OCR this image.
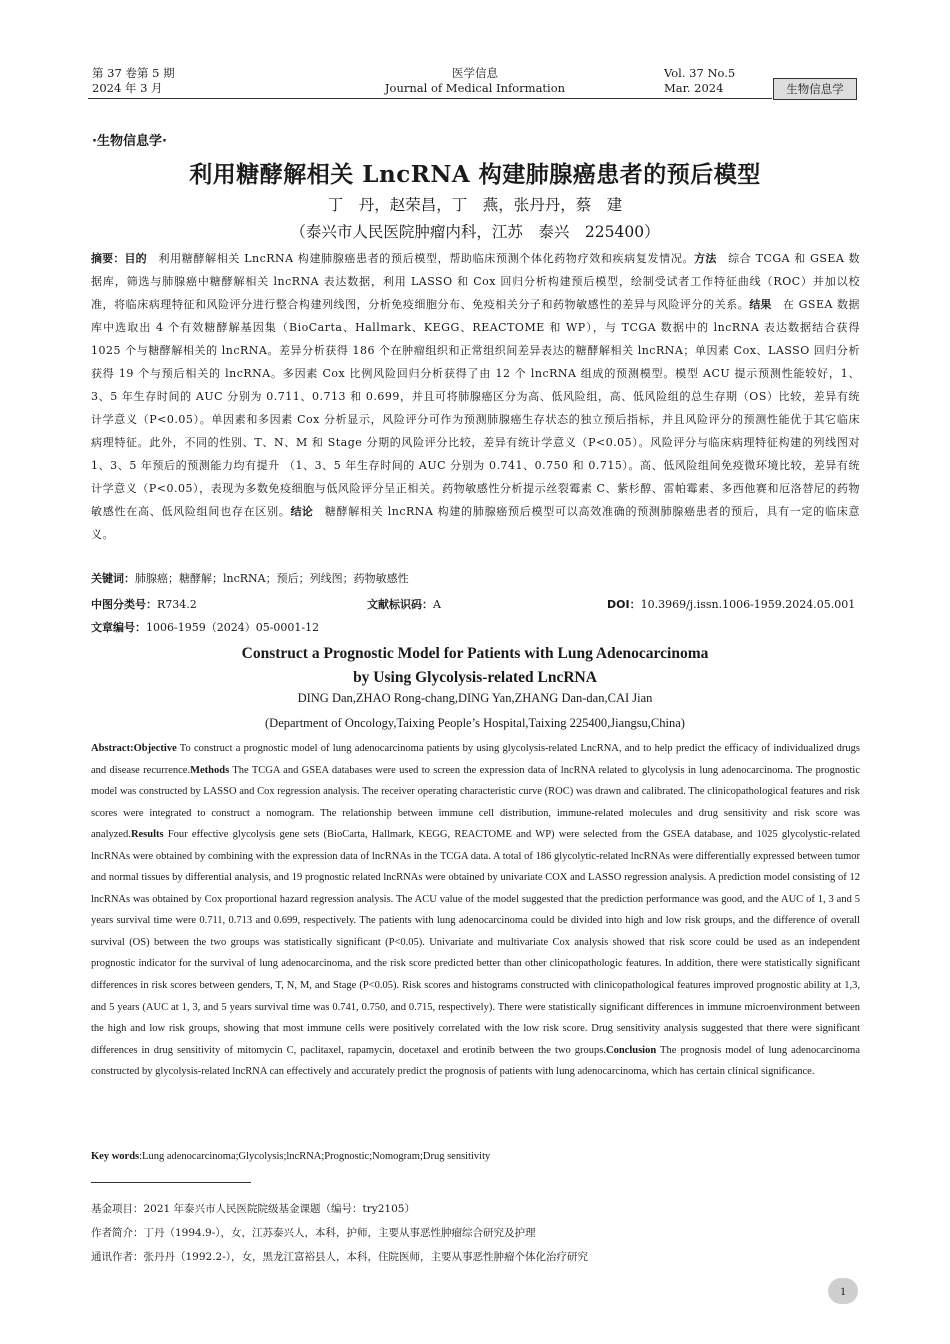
第 37 卷第 5 期
2024 年 3 月
医学信息
Journal of Medical Information
Vol. 37 No.5
Mar. 2024	生物信息学
·生物信息学·
利用糖酵解相关 LncRNA 构建肺腺癌患者的预后模型
丁　丹，赵荣昌，丁　燕，张丹丹，蔡　建
（泰兴市人民医院肿瘤内科，江苏　泰兴　225400）
摘要：目的　利用糖酵解相关 LncRNA 构建肺腺癌患者的预后模型，帮助临床预测个体化药物疗效和疾病复发情况。方法　综合 TCGA 和 GSEA 数据库，筛选与肺腺癌中糖酵解相关 lncRNA 表达数据，利用 LASSO 和 Cox 回归分析构建预后模型，绘制受试者工作特征曲线（ROC）并加以校准，将临床病理特征和风险评分进行整合构建列线图，分析免疫细胞分布、免疫相关分子和药物敏感性的差异与风险评分的关系。结果　在 GSEA 数据库中选取出 4 个有效糖酵解基因集（BioCarta、Hallmark、KEGG、REACTOME 和 WP），与 TCGA 数据中的 lncRNA 表达数据结合获得 1025 个与糖酵解相关的 lncRNA。差异分析获得 186 个在肿瘤组织和正常组织间差异表达的糖酵解相关 lncRNA；单因素 Cox、LASSO 回归分析获得 19 个与预后相关的 lncRNA。多因素 Cox 比例风险回归分析获得了由 12 个 lncRNA 组成的预测模型。模型 ACU 提示预测性能较好，1、3、5 年生存时间的 AUC 分别为 0.711、0.713 和 0.699，并且可将肺腺癌区分为高、低风险组，高、低风险组的总生存期（OS）比较，差异有统计学意义（P<0.05）。单因素和多因素 Cox 分析显示，风险评分可作为预测肺腺癌生存状态的独立预后指标，并且风险评分的预测性能优于其它临床病理特征。此外，不同的性别、T、N、M 和 Stage 分期的风险评分比较，差异有统计学意义（P<0.05）。风险评分与临床病理特征构建的列线图对 1、3、5 年预后的预测能力均有提升 （1、3、5 年生存时间的 AUC 分别为 0.741、0.750 和 0.715）。高、低风险组间免疫微环境比较，差异有统计学意义（P<0.05），表现为多数免疫细胞与低风险评分呈正相关。药物敏感性分析提示丝裂霉素 C、紫杉醇、雷帕霉素、多西他赛和厄洛替尼的药物敏感性在高、低风险组间也存在区别。结论　糖酵解相关 lncRNA 构建的肺腺癌预后模型可以高效准确的预测肺腺癌患者的预后，具有一定的临床意义。
关键词：肺腺癌；糖酵解；lncRNA；预后；列线图；药物敏感性
中图分类号：R734.2	文献标识码：A	DOI：10.3969/j.issn.1006-1959.2024.05.001
文章编号：1006-1959（2024）05-0001-12
Construct a Prognostic Model for Patients with Lung Adenocarcinoma
by Using Glycolysis-related LncRNA
DING Dan,ZHAO Rong-chang,DING Yan,ZHANG Dan-dan,CAI Jian
(Department of Oncology,Taixing People’s Hospital,Taixing 225400,Jiangsu,China)
Abstract:Objective To construct a prognostic model of lung adenocarcinoma patients by using glycolysis-related LncRNA, and to help predict the efficacy of individualized drugs and disease recurrence.Methods The TCGA and GSEA databases were used to screen the expression data of lncRNA related to glycolysis in lung adenocarcinoma. The prognostic model was constructed by LASSO and Cox regression analysis. The receiver operating characteristic curve (ROC) was drawn and calibrated. The clinicopathological features and risk scores were integrated to construct a nomogram. The relationship between immune cell distribution, immune-related molecules and drug sensitivity and risk score was analyzed.Results Four effective glycolysis gene sets (BioCarta, Hallmark, KEGG, REACTOME and WP) were selected from the GSEA database, and 1025 glycolystic-related lncRNAs were obtained by combining with the expression data of lncRNAs in the TCGA data. A total of 186 glycolytic-related lncRNAs were differentially expressed between tumor and normal tissues by differential analysis, and 19 prognostic related lncRNAs were obtained by univariate COX and LASSO regression analysis. A prediction model consisting of 12 lncRNAs was obtained by Cox proportional hazard regression analysis. The ACU value of the model suggested that the prediction performance was good, and the AUC of 1, 3 and 5 years survival time were 0.711, 0.713 and 0.699, respectively. The patients with lung adenocarcinoma could be divided into high and low risk groups, and the difference of overall survival (OS) between the two groups was statistically significant (P<0.05). Univariate and multivariate Cox analysis showed that risk score could be used as an independent prognostic indicator for the survival of lung adenocarcinoma, and the risk score predicted better than other clinicopathologic features. In addition, there were statistically significant differences in risk scores between genders, T, N, M, and Stage (P<0.05). Risk scores and histograms constructed with clinicopathological features improved prognostic ability at 1,3, and 5 years (AUC at 1, 3, and 5 years survival time was 0.741, 0.750, and 0.715, respectively). There were statistically significant differences in immune microenvironment between the high and low risk groups, showing that most immune cells were positively correlated with the low risk score. Drug sensitivity analysis suggested that there were significant differences in drug sensitivity of mitomycin C, paclitaxel, rapamycin, docetaxel and erotinib between the two groups.Conclusion The prognosis model of lung adenocarcinoma constructed by glycolysis-related lncRNA can effectively and accurately predict the prognosis of patients with lung adenocarcinoma, which has certain clinical significance.
Key words:Lung adenocarcinoma;Glycolysis;lncRNA;Prognostic;Nomogram;Drug sensitivity
基金项目：2021 年泰兴市人民医院院级基金课题（编号：try2105）
作者简介：丁丹（1994.9-），女，江苏泰兴人，本科，护师，主要从事恶性肿瘤综合研究及护理
通讯作者：张丹丹（1992.2-），女，黑龙江富裕县人，本科，住院医师，主要从事恶性肿瘤个体化治疗研究
1
